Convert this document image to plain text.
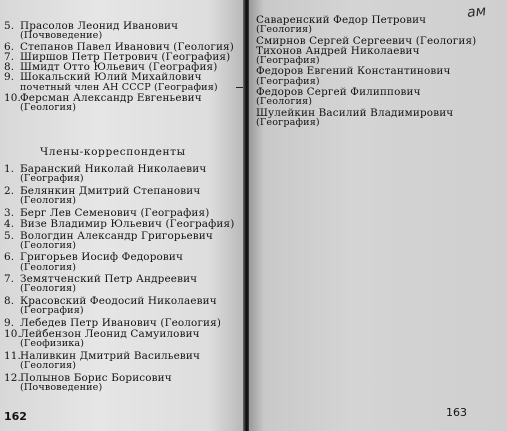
5. Прасолов Леонид Иванович
(Почвоведение)
6. Степанов Павел Иванович (Геология)
7. Ширшов Петр Петрович (География)
8. Шмидт Отто Юльевич (География)
9. Шокальский Юлий Михайлович
почетный член АН СССР (География)
10. Ферсман Александр Евгеньевич
(Геология)
Члены-корреспонденты
1. Баранский Николай Николаевич
(География)
2. Белянкин Дмитрий Степанович
(Геология)
3. Берг Лев Семенович (География)
4. Визе Владимир Юльевич (География)
5. Вологдин Александр Григорьевич
(Геология)
6. Григорьев Иосиф Федорович
(Геология)
7. Земятченский Петр Андреевич
(Геология)
8. Красовский Феодосий Николаевич
(География)
9. Лебедев Петр Иванович (Геология)
10. Лейбензон Леонид Самуилович
(Геофизика)
11. Наливкин Дмитрий Васильевич
(Геология)
12. Полынов Борис Борисович
(Почвоведение)
162
ам
Саваренский Федор Петрович
(Геология)
Смирнов Сергей Сергеевич (Геология)
Тихонов Андрей Николаевич
(География)
Федоров Евгений Константинович
(География)
Федоров Сергей Филиппович
(Геология)
Шулейкин Василий Владимирович
(География)
163
